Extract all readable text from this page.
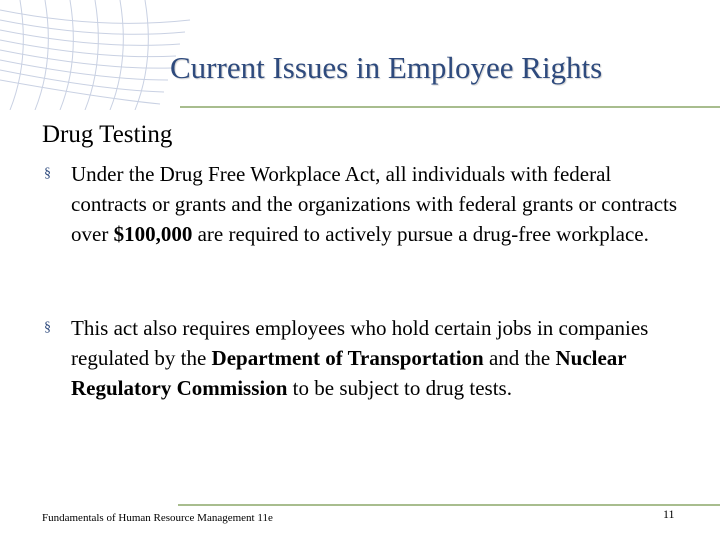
Current Issues in Employee Rights
Drug Testing
§ Under the Drug Free Workplace Act, all individuals with federal contracts or grants and the organizations with federal grants or contracts over $100,000 are required to actively pursue a drug-free workplace.
§ This act also requires employees who hold certain jobs in companies regulated by the Department of Transportation and the Nuclear Regulatory Commission to be subject to drug tests.
Fundamentals of Human Resource Management 11e	11
